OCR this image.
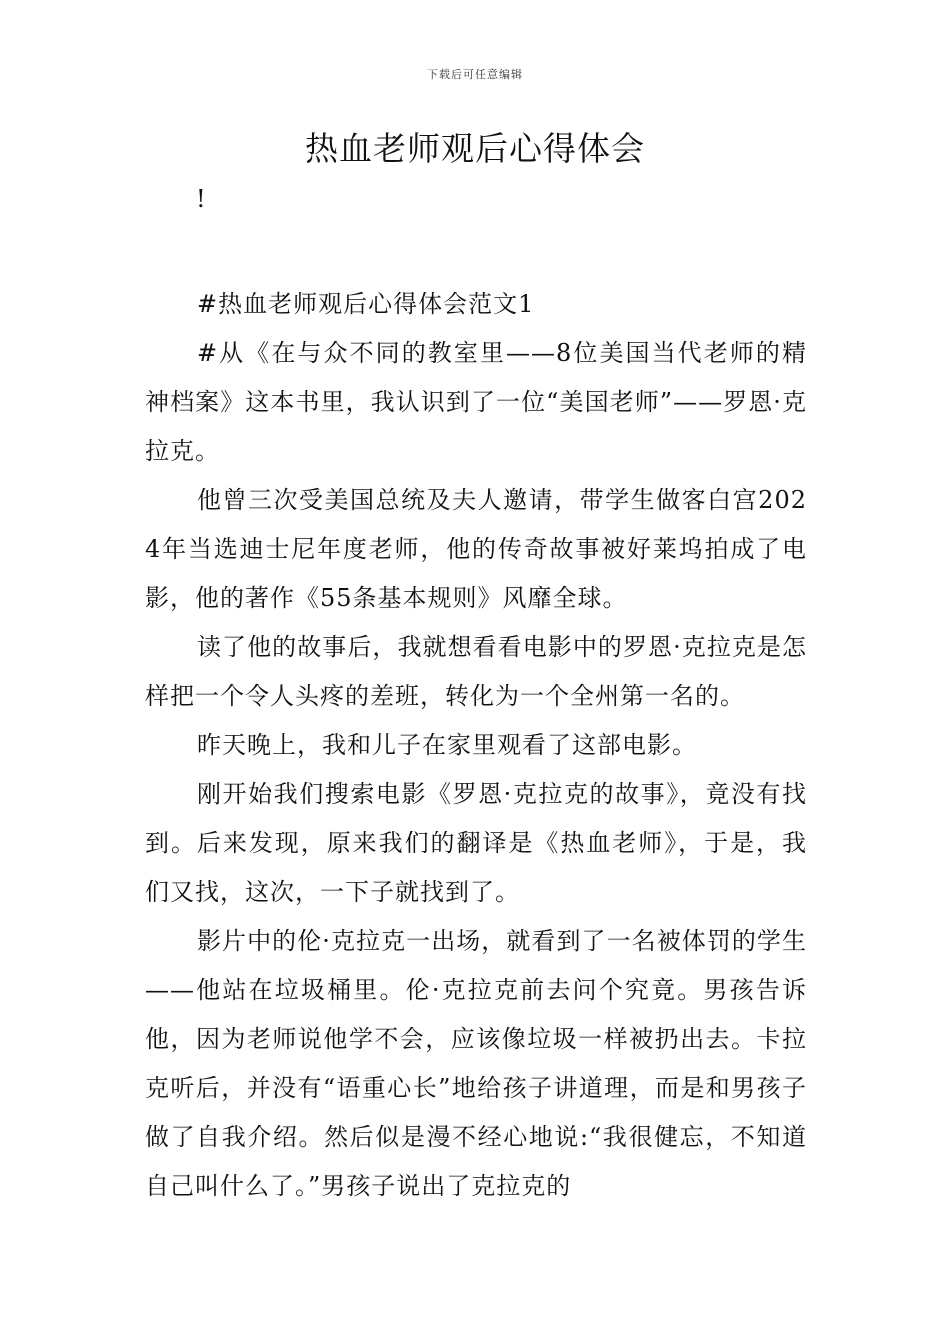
下载后可任意编辑
热血老师观后心得体会
!

#热血老师观后心得体会范文1

#从《在与众不同的教室里——8位美国当代老师的精神档案》这本书里，我认识到了一位“美国老师”——罗恩·克拉克。

他曾三次受美国总统及夫人邀请，带学生做客白宫2024年当选迪士尼年度老师，他的传奇故事被好莱坞拍成了电影，他的著作《55条基本规则》风靡全球。

读了他的故事后，我就想看看电影中的罗恩·克拉克是怎样把一个令人头疼的差班，转化为一个全州第一名的。

昨天晚上，我和儿子在家里观看了这部电影。

刚开始我们搜索电影《罗恩·克拉克的故事》，竟没有找到。后来发现，原来我们的翻译是《热血老师》，于是，我们又找，这次，一下子就找到了。

影片中的伦·克拉克一出场，就看到了一名被体罚的学生——他站在垃圾桶里。伦·克拉克前去问个究竟。男孩告诉他，因为老师说他学不会，应该像垃圾一样被扔出去。卡拉克听后，并没有“语重心长”地给孩子讲道理，而是和男孩子做了自我介绍。然后似是漫不经心地说:“我很健忘，不知道自己叫什么了。”男孩子说出了克拉克的
